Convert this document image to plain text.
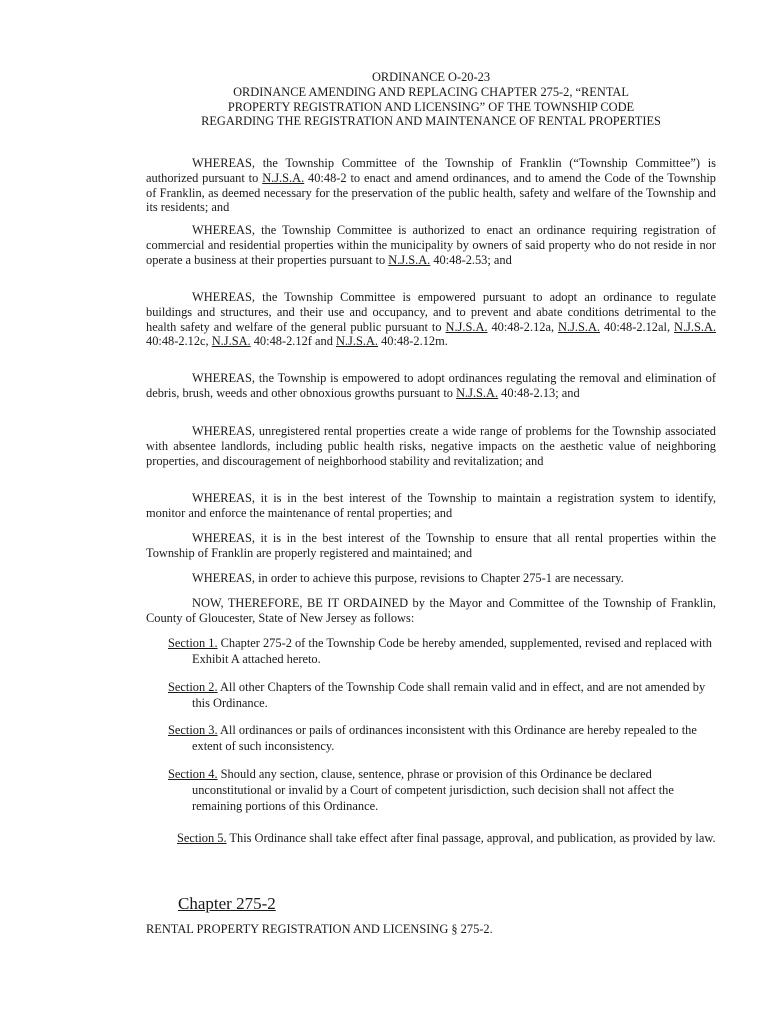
ORDINANCE O-20-23
ORDINANCE AMENDING AND REPLACING CHAPTER 275-2, “RENTAL
PROPERTY REGISTRATION AND LICENSING” OF THE TOWNSHIP CODE
REGARDING THE REGISTRATION AND MAINTENANCE OF RENTAL PROPERTIES

WHEREAS, the Township Committee of the Township of Franklin (“Township Committee”) is authorized pursuant to N.J.S.A. 40:48-2 to enact and amend ordinances, and to amend the Code of the Township of Franklin, as deemed necessary for the preservation of the public health, safety and welfare of the Township and its residents; and

WHEREAS, the Township Committee is authorized to enact an ordinance requiring registration of commercial and residential properties within the municipality by owners of said property who do not reside in nor operate a business at their properties pursuant to N.J.S.A. 40:48-2.53; and

WHEREAS, the Township Committee is empowered pursuant to adopt an ordinance to regulate buildings and structures, and their use and occupancy, and to prevent and abate conditions detrimental to the health safety and welfare of the general public pursuant to N.J.S.A. 40:48-2.12a, N.J.S.A. 40:48-2.12al, N.J.S.A. 40:48-2.12c, N.J.SA. 40:48-2.12f and N.J.S.A. 40:48-2.12m.

WHEREAS, the Township is empowered to adopt ordinances regulating the removal and elimination of debris, brush, weeds and other obnoxious growths pursuant to N.J.S.A. 40:48-2.13; and

WHEREAS, unregistered rental properties create a wide range of problems for the Township associated with absentee landlords, including public health risks, negative impacts on the aesthetic value of neighboring properties, and discouragement of neighborhood stability and revitalization; and

WHEREAS, it is in the best interest of the Township to maintain a registration system to identify, monitor and enforce the maintenance of rental properties; and

WHEREAS, it is in the best interest of the Township to ensure that all rental properties within the Township of Franklin are properly registered and maintained; and

WHEREAS, in order to achieve this purpose, revisions to Chapter 275-1 are necessary.

NOW, THEREFORE, BE IT ORDAINED by the Mayor and Committee of the Township of Franklin, County of Gloucester, State of New Jersey as follows:

Section 1. Chapter 275-2 of the Township Code be hereby amended, supplemented, revised and replaced with Exhibit A attached hereto.
Section 2. All other Chapters of the Township Code shall remain valid and in effect, and are not amended by this Ordinance.
Section 3. All ordinances or pails of ordinances inconsistent with this Ordinance are hereby repealed to the extent of such inconsistency.
Section 4. Should any section, clause, sentence, phrase or provision of this Ordinance be declared unconstitutional or invalid by a Court of competent jurisdiction, such decision shall not affect the remaining portions of this Ordinance.
Section 5. This Ordinance shall take effect after final passage, approval, and publication, as provided by law.
Chapter 275-2
RENTAL PROPERTY REGISTRATION AND LICENSING § 275-2.
